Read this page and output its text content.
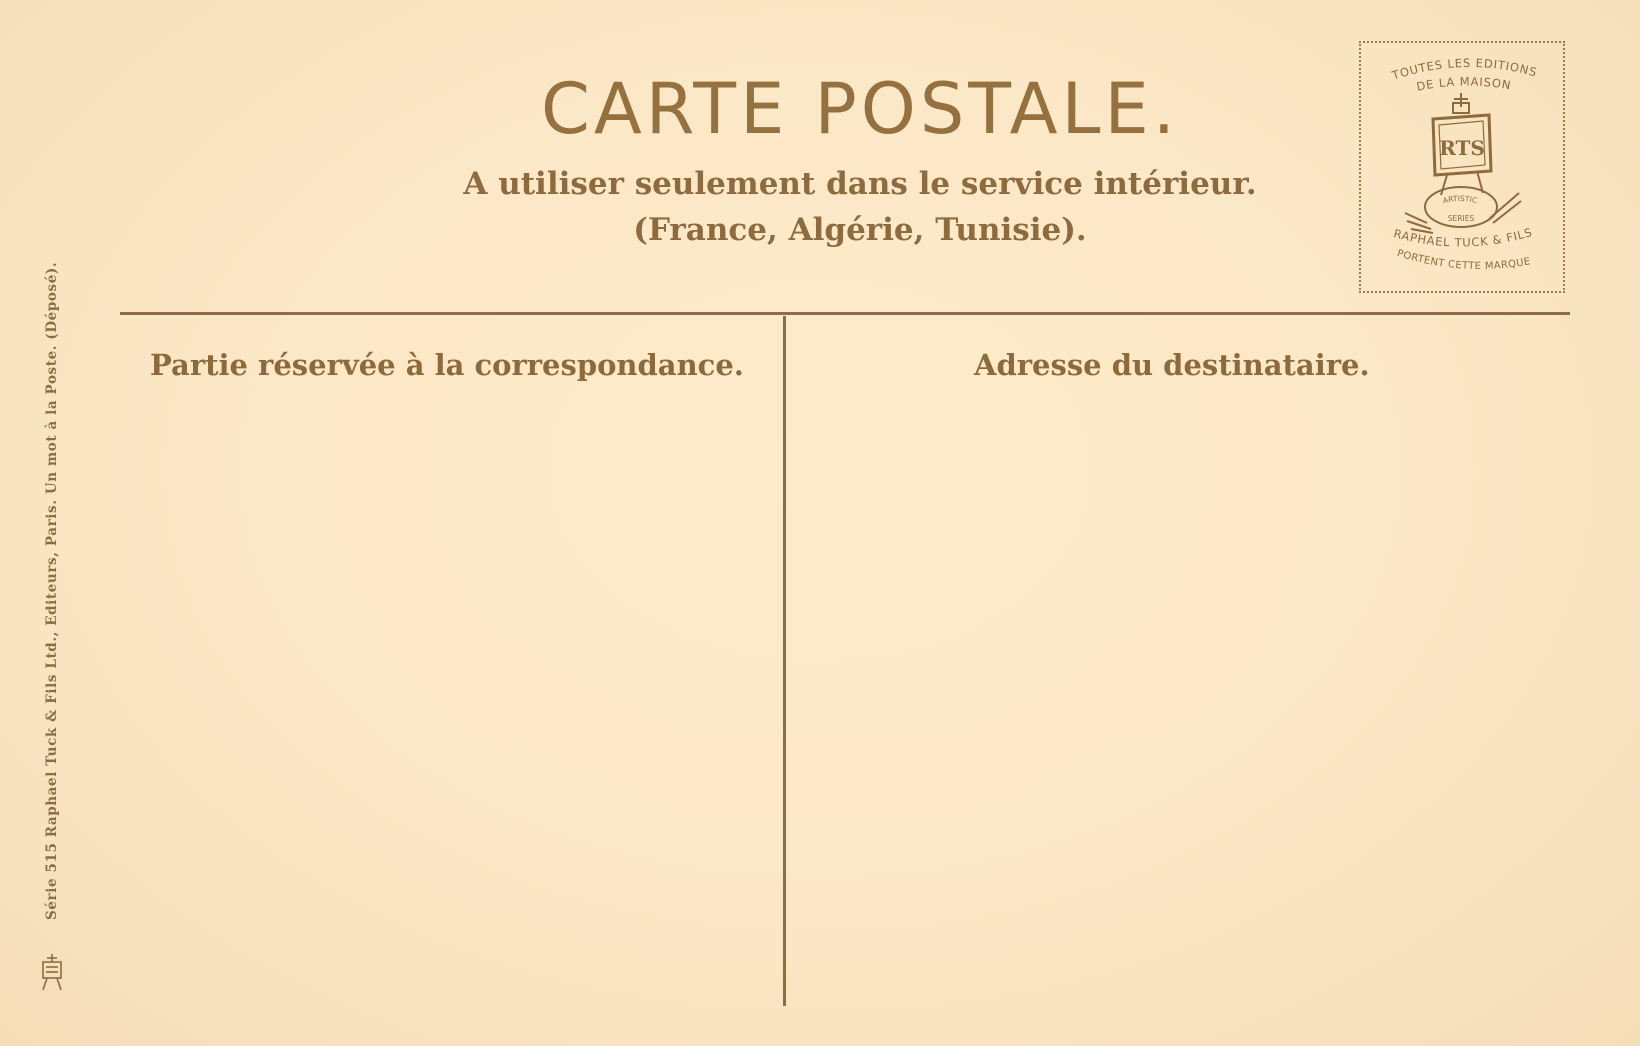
CARTE POSTALE.
A utiliser seulement dans le service intérieur.
(France, Algérie, Tunisie).
TOUTES LES EDITIONS
DE LA MAISON
RTS
ARTISTIC
SERIES
RAPHAEL TUCK & FILS
PORTENT CETTE MARQUE
Partie réservée à la correspondance.	Adresse du destinataire.
Série 515 Raphael Tuck & Fils Ltd., Editeurs, Paris. Un mot à la Poste. (Déposé).
